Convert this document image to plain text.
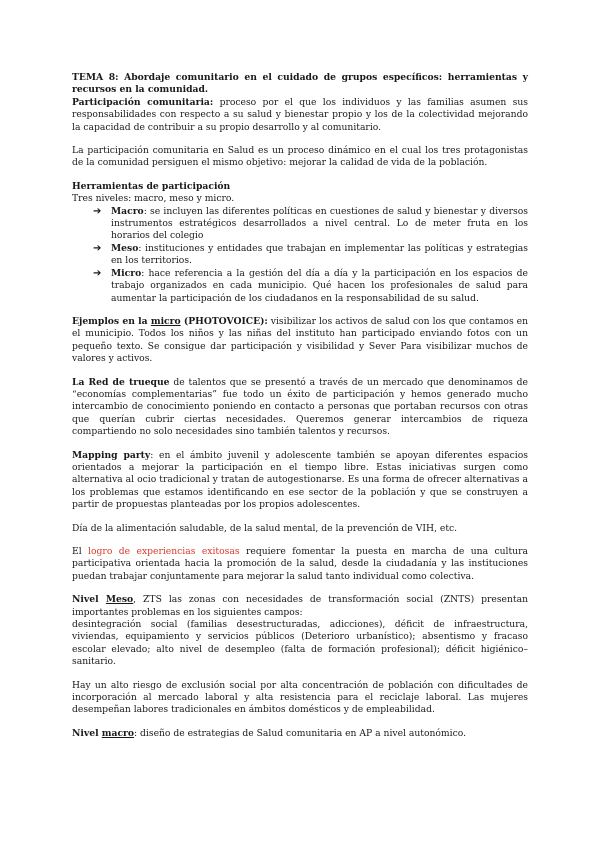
TEMA 8: Abordaje comunitario en el cuidado de grupos específicos: herramientas y recursos en la comunidad.

Participación comunitaria: proceso por el que los individuos y las familias asumen sus responsabilidades con respecto a su salud y bienestar propio y los de la colectividad mejorando la capacidad de contribuir a su propio desarrollo y al comunitario.

La participación comunitaria en Salud es un proceso dinámico en el cual los tres protagonistas de la comunidad persiguen el mismo objetivo: mejorar la calidad de vida de la población.

Herramientas de participación

Tres niveles: macro, meso y micro.

➔ Macro: se incluyen las diferentes políticas en cuestiones de salud y bienestar y diversos instrumentos estratégicos desarrollados a nivel central. Lo de meter fruta en los horarios del colegio
➔ Meso: instituciones y entidades que trabajan en implementar las políticas y estrategias en los territorios.
➔ Micro: hace referencia a la gestión del día a día y la participación en los espacios de trabajo organizados en cada municipio. Qué hacen los profesionales de salud para aumentar la participación de los ciudadanos en la responsabilidad de su salud.

Ejemplos en la micro (PHOTOVOICE): visibilizar los activos de salud con los que contamos en el municipio. Todos los niños y las niñas del instituto han participado enviando fotos con un pequeño texto. Se consigue dar participación y visibilidad y Sever Para visibilizar muchos de valores y activos.

La Red de trueque de talentos que se presentó a través de un mercado que denominamos de “economías complementarias” fue todo un éxito de participación y hemos generado mucho intercambio de conocimiento poniendo en contacto a personas que portaban recursos con otras que querían cubrir ciertas necesidades. Queremos generar intercambios de riqueza compartiendo no solo necesidades sino también talentos y recursos.

Mapping party: en el ámbito juvenil y adolescente también se apoyan diferentes espacios orientados a mejorar la participación en el tiempo libre. Estas iniciativas surgen como alternativa al ocio tradicional y tratan de autogestionarse. Es una forma de ofrecer alternativas a los problemas que estamos identificando en ese sector de la población y que se construyen a partir de propuestas planteadas por los propios adolescentes.

Día de la alimentación saludable, de la salud mental, de la prevención de VIH, etc.

El logro de experiencias exitosas requiere fomentar la puesta en marcha de una cultura participativa orientada hacia la promoción de la salud, desde la ciudadanía y las instituciones puedan trabajar conjuntamente para mejorar la salud tanto individual como colectiva.

Nivel Meso, ZTS las zonas con necesidades de transformación social (ZNTS) presentan importantes problemas en los siguientes campos:

desintegración social (familias desestructuradas, adicciones), déficit de infraestructura, viviendas, equipamiento y servicios públicos (Deterioro urbanístico); absentismo y fracaso escolar elevado; alto nivel de desempleo (falta de formación profesional); déficit higiénico–sanitario.

Hay un alto riesgo de exclusión social por alta concentración de población con dificultades de incorporación al mercado laboral y alta resistencia para el reciclaje laboral. Las mujeres desempeñan labores tradicionales en ámbitos domésticos y de empleabilidad.

Nivel macro: diseño de estrategias de Salud comunitaria en AP a nivel autonómico.
